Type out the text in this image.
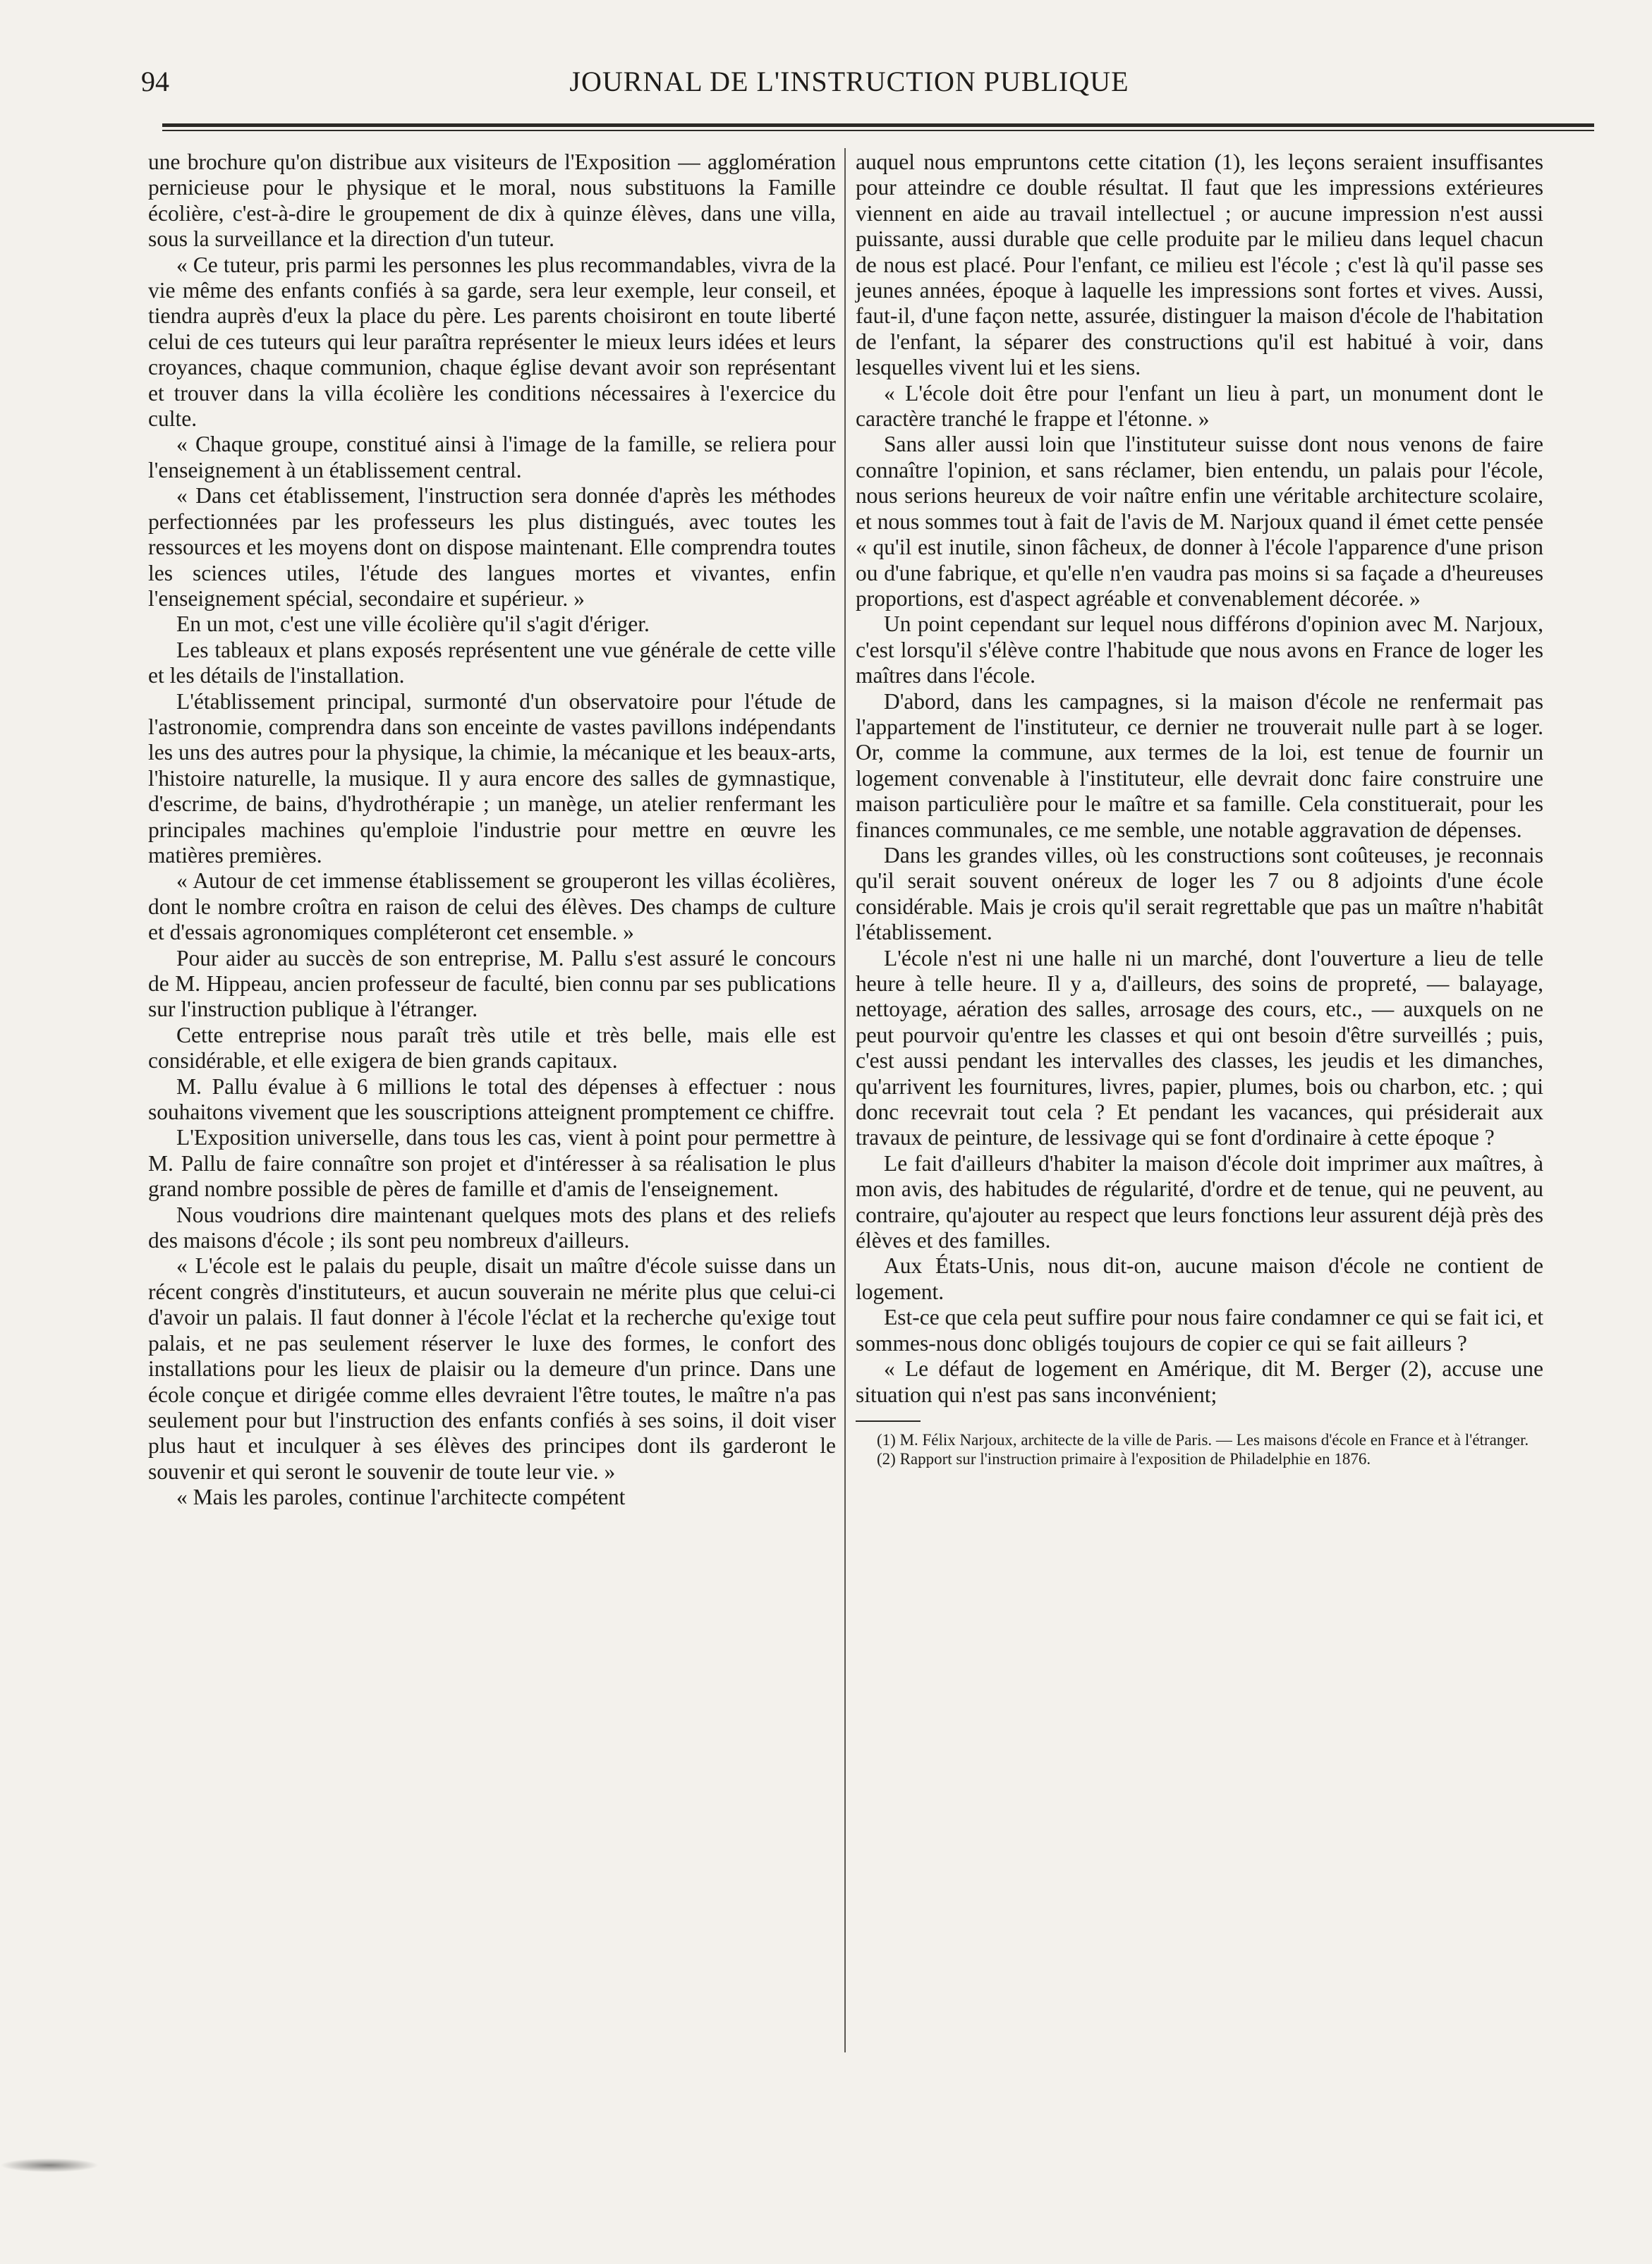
94	JOURNAL DE L'INSTRUCTION PUBLIQUE

une brochure qu'on distribue aux visiteurs de l'Exposition — agglomération pernicieuse pour le physique et le moral, nous substituons la Famille écolière, c'est-à-dire le groupement de dix à quinze élèves, dans une villa, sous la surveillance et la direction d'un tuteur.

« Ce tuteur, pris parmi les personnes les plus recommandables, vivra de la vie même des enfants confiés à sa garde, sera leur exemple, leur conseil, et tiendra auprès d'eux la place du père. Les parents choisiront en toute liberté celui de ces tuteurs qui leur paraîtra représenter le mieux leurs idées et leurs croyances, chaque communion, chaque église devant avoir son représentant et trouver dans la villa écolière les conditions nécessaires à l'exercice du culte.

« Chaque groupe, constitué ainsi à l'image de la famille, se reliera pour l'enseignement à un établissement central.

« Dans cet établissement, l'instruction sera donnée d'après les méthodes perfectionnées par les professeurs les plus distingués, avec toutes les ressources et les moyens dont on dispose maintenant. Elle comprendra toutes les sciences utiles, l'étude des langues mortes et vivantes, enfin l'enseignement spécial, secondaire et supérieur. »

En un mot, c'est une ville écolière qu'il s'agit d'ériger.

Les tableaux et plans exposés représentent une vue générale de cette ville et les détails de l'installation.

L'établissement principal, surmonté d'un observatoire pour l'étude de l'astronomie, comprendra dans son enceinte de vastes pavillons indépendants les uns des autres pour la physique, la chimie, la mécanique et les beaux-arts, l'histoire naturelle, la musique. Il y aura encore des salles de gymnastique, d'escrime, de bains, d'hydrothérapie ; un manège, un atelier renfermant les principales machines qu'emploie l'industrie pour mettre en œuvre les matières premières.

« Autour de cet immense établissement se grouperont les villas écolières, dont le nombre croîtra en raison de celui des élèves. Des champs de culture et d'essais agronomiques compléteront cet ensemble. »

Pour aider au succès de son entreprise, M. Pallu s'est assuré le concours de M. Hippeau, ancien professeur de faculté, bien connu par ses publications sur l'instruction publique à l'étranger.

Cette entreprise nous paraît très utile et très belle, mais elle est considérable, et elle exigera de bien grands capitaux.

M. Pallu évalue à 6 millions le total des dépenses à effectuer : nous souhaitons vivement que les souscriptions atteignent promptement ce chiffre.

L'Exposition universelle, dans tous les cas, vient à point pour permettre à M. Pallu de faire connaître son projet et d'intéresser à sa réalisation le plus grand nombre possible de pères de famille et d'amis de l'enseignement.

Nous voudrions dire maintenant quelques mots des plans et des reliefs des maisons d'école ; ils sont peu nombreux d'ailleurs.

« L'école est le palais du peuple, disait un maître d'école suisse dans un récent congrès d'instituteurs, et aucun souverain ne mérite plus que celui-ci d'avoir un palais. Il faut donner à l'école l'éclat et la recherche qu'exige tout palais, et ne pas seulement réserver le luxe des formes, le confort des installations pour les lieux de plaisir ou la demeure d'un prince. Dans une école conçue et dirigée comme elles devraient l'être toutes, le maître n'a pas seulement pour but l'instruction des enfants confiés à ses soins, il doit viser plus haut et inculquer à ses élèves des principes dont ils garderont le souvenir et qui seront le souvenir de toute leur vie. »

« Mais les paroles, continue l'architecte compétent

auquel nous empruntons cette citation (1), les leçons seraient insuffisantes pour atteindre ce double résultat. Il faut que les impressions extérieures viennent en aide au travail intellectuel ; or aucune impression n'est aussi puissante, aussi durable que celle produite par le milieu dans lequel chacun de nous est placé. Pour l'enfant, ce milieu est l'école ; c'est là qu'il passe ses jeunes années, époque à laquelle les impressions sont fortes et vives. Aussi, faut-il, d'une façon nette, assurée, distinguer la maison d'école de l'habitation de l'enfant, la séparer des constructions qu'il est habitué à voir, dans lesquelles vivent lui et les siens.

« L'école doit être pour l'enfant un lieu à part, un monument dont le caractère tranché le frappe et l'étonne. »

Sans aller aussi loin que l'instituteur suisse dont nous venons de faire connaître l'opinion, et sans réclamer, bien entendu, un palais pour l'école, nous serions heureux de voir naître enfin une véritable architecture scolaire, et nous sommes tout à fait de l'avis de M. Narjoux quand il émet cette pensée « qu'il est inutile, sinon fâcheux, de donner à l'école l'apparence d'une prison ou d'une fabrique, et qu'elle n'en vaudra pas moins si sa façade a d'heureuses proportions, est d'aspect agréable et convenablement décorée. »

Un point cependant sur lequel nous différons d'opinion avec M. Narjoux, c'est lorsqu'il s'élève contre l'habitude que nous avons en France de loger les maîtres dans l'école.

D'abord, dans les campagnes, si la maison d'école ne renfermait pas l'appartement de l'instituteur, ce dernier ne trouverait nulle part à se loger. Or, comme la commune, aux termes de la loi, est tenue de fournir un logement convenable à l'instituteur, elle devrait donc faire construire une maison particulière pour le maître et sa famille. Cela constituerait, pour les finances communales, ce me semble, une notable aggravation de dépenses.

Dans les grandes villes, où les constructions sont coûteuses, je reconnais qu'il serait souvent onéreux de loger les 7 ou 8 adjoints d'une école considérable. Mais je crois qu'il serait regrettable que pas un maître n'habitât l'établissement.

L'école n'est ni une halle ni un marché, dont l'ouverture a lieu de telle heure à telle heure. Il y a, d'ailleurs, des soins de propreté, — balayage, nettoyage, aération des salles, arrosage des cours, etc., — auxquels on ne peut pourvoir qu'entre les classes et qui ont besoin d'être surveillés ; puis, c'est aussi pendant les intervalles des classes, les jeudis et les dimanches, qu'arrivent les fournitures, livres, papier, plumes, bois ou charbon, etc. ; qui donc recevrait tout cela ? Et pendant les vacances, qui présiderait aux travaux de peinture, de lessivage qui se font d'ordinaire à cette époque ?

Le fait d'ailleurs d'habiter la maison d'école doit imprimer aux maîtres, à mon avis, des habitudes de régularité, d'ordre et de tenue, qui ne peuvent, au contraire, qu'ajouter au respect que leurs fonctions leur assurent déjà près des élèves et des familles.

Aux États-Unis, nous dit-on, aucune maison d'école ne contient de logement.

Est-ce que cela peut suffire pour nous faire condamner ce qui se fait ici, et sommes-nous donc obligés toujours de copier ce qui se fait ailleurs ?

« Le défaut de logement en Amérique, dit M. Berger (2), accuse une situation qui n'est pas sans inconvénient;

(1) M. Félix Narjoux, architecte de la ville de Paris. — Les maisons d'école en France et à l'étranger.
(2) Rapport sur l'instruction primaire à l'exposition de Philadelphie en 1876.
